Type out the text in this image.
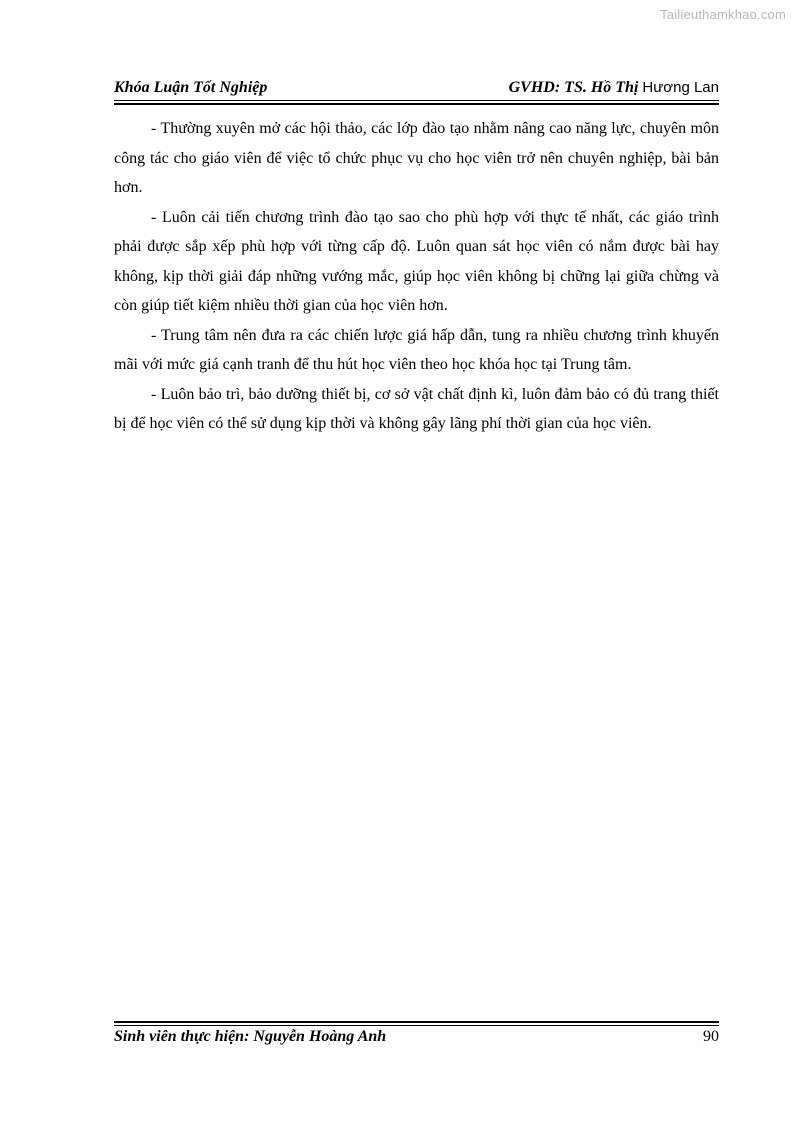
Tailieuthamkhao.com
Khóa Luận Tốt Nghiệp	GVHD: TS. Hồ Thị Hương Lan

- Thường xuyên mở các hội thảo, các lớp đào tạo nhằm nâng cao năng lực, chuyên môn công tác cho giáo viên để việc tổ chức phục vụ cho học viên trở nên chuyên nghiệp, bài bản hơn.

- Luôn cải tiến chương trình đào tạo sao cho phù hợp với thực tế nhất, các giáo trình phải được sắp xếp phù hợp với từng cấp độ. Luôn quan sát học viên có nắm được bài hay không, kịp thời giải đáp những vướng mắc, giúp học viên không bị chững lại giữa chừng và còn giúp tiết kiệm nhiều thời gian của học viên hơn.

- Trung tâm nên đưa ra các chiến lược giá hấp dẫn, tung ra nhiều chương trình khuyến mãi với mức giá cạnh tranh để thu hút học viên theo học khóa học tại Trung tâm.

- Luôn bảo trì, bảo dưỡng thiết bị, cơ sở vật chất định kì, luôn đảm bảo có đủ trang thiết bị để học viên có thể sử dụng kịp thời và không gây lãng phí thời gian của học viên.

Sinh viên thực hiện: Nguyễn Hoàng Anh	90
